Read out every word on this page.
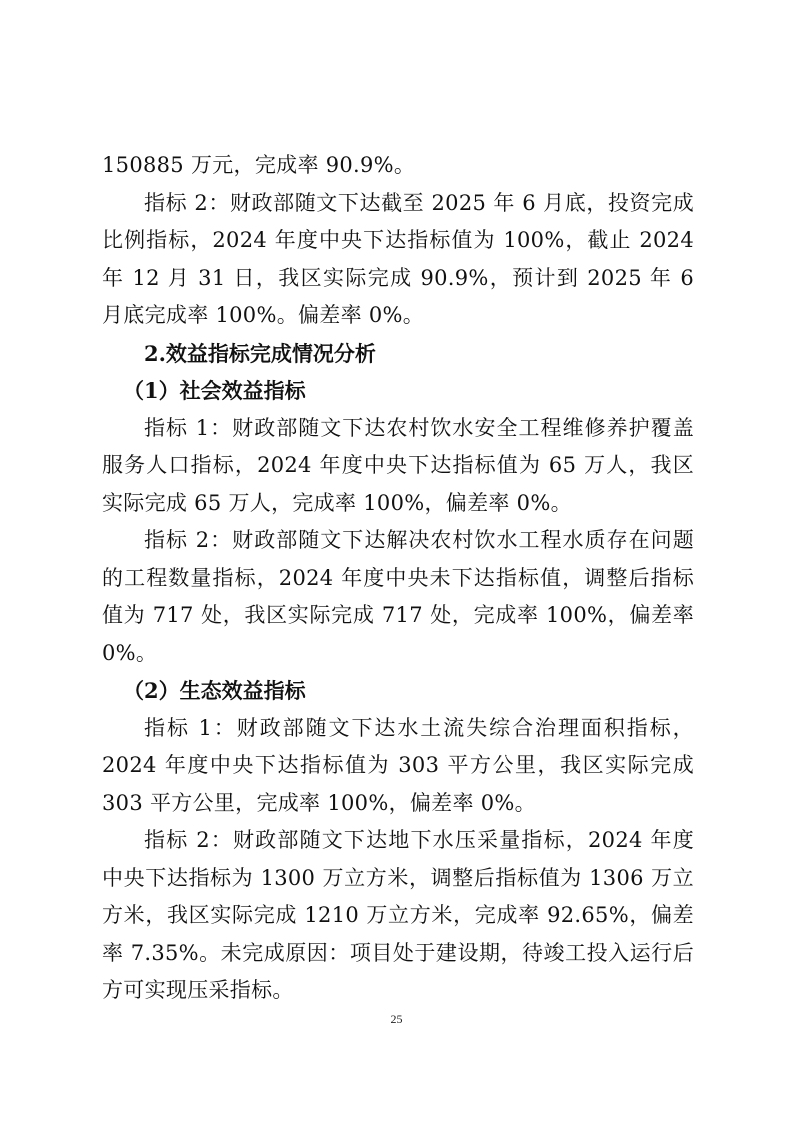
150885 万元，完成率 90.9%。

指标 2：财政部随文下达截至 2025 年 6 月底，投资完成比例指标，2024 年度中央下达指标值为 100%，截止 2024 年 12 月 31 日，我区实际完成 90.9%，预计到 2025 年 6 月底完成率 100%。偏差率 0%。

2.效益指标完成情况分析

（1）社会效益指标

指标 1：财政部随文下达农村饮水安全工程维修养护覆盖服务人口指标，2024 年度中央下达指标值为 65 万人，我区实际完成 65 万人，完成率 100%，偏差率 0%。

指标 2：财政部随文下达解决农村饮水工程水质存在问题的工程数量指标，2024 年度中央未下达指标值，调整后指标值为 717 处，我区实际完成 717 处，完成率 100%，偏差率 0%。

（2）生态效益指标

指标 1：财政部随文下达水土流失综合治理面积指标，2024 年度中央下达指标值为 303 平方公里，我区实际完成 303 平方公里，完成率 100%，偏差率 0%。

指标 2：财政部随文下达地下水压采量指标，2024 年度中央下达指标为 1300 万立方米，调整后指标值为 1306 万立方米，我区实际完成 1210 万立方米，完成率 92.65%，偏差率 7.35%。未完成原因：项目处于建设期，待竣工投入运行后方可实现压采指标。

25
